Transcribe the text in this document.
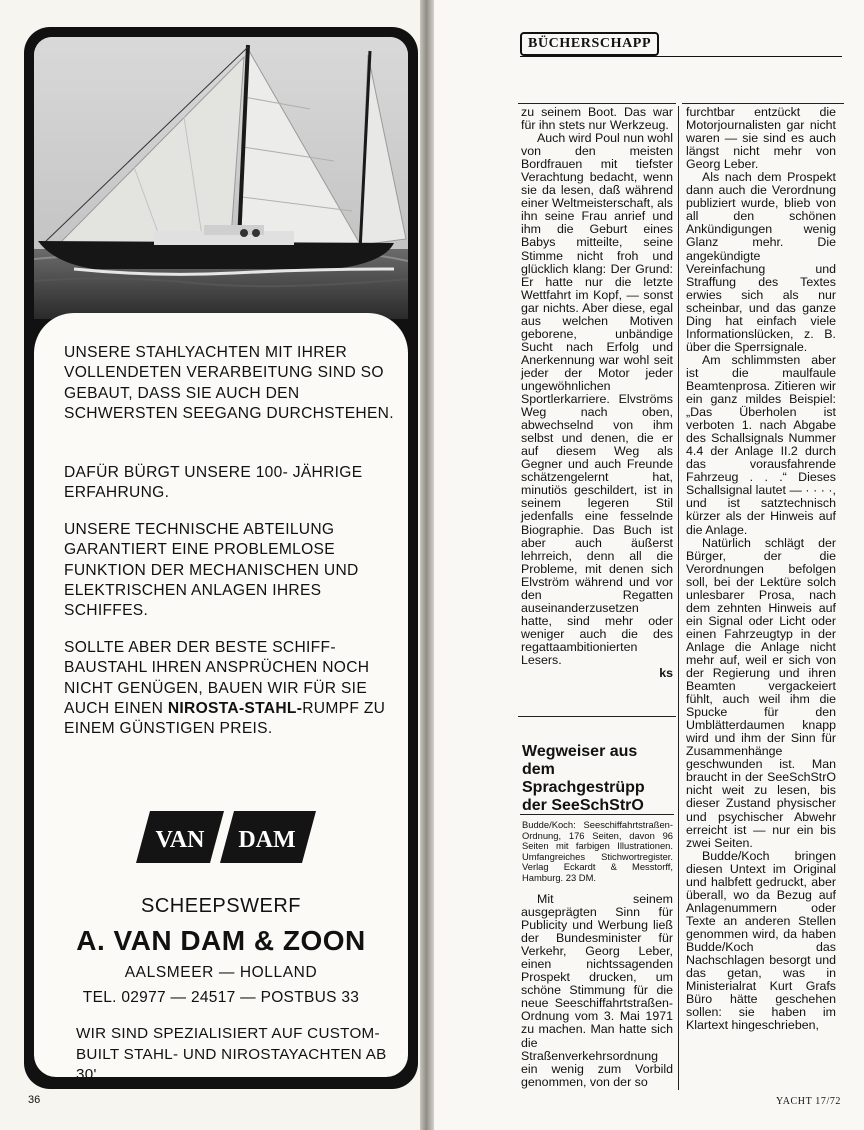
UNSERE STAHLYACHTEN MIT IHRER VOLLENDETEN VERARBEITUNG SIND SO GEBAUT, DASS SIE AUCH DEN SCHWERSTEN SEEGANG DURCHSTEHEN.

DAFÜR BÜRGT UNSERE 100- JÄHRIGE ERFAHRUNG.

UNSERE TECHNISCHE ABTEILUNG GARANTIERT EINE PROBLEMLOSE FUNKTION DER MECHANISCHEN UND ELEKTRISCHEN ANLAGEN IHRES SCHIFFES.

SOLLTE ABER DER BESTE SCHIFF-BAUSTAHL IHREN ANSPRÜCHEN NOCH NICHT GENÜGEN, BAUEN WIR FÜR SIE AUCH EINEN NIROSTA-STAHL-RUMPF ZU EINEM GÜNSTIGEN PREIS.

VAN DAM
SCHEEPSWERF
A. VAN DAM & ZOON
AALSMEER — HOLLAND
TEL. 02977 — 24517 — POSTBUS 33

WIR SIND SPEZIALISIERT AUF CUSTOM-BUILT STAHL- UND NIROSTAYACHTEN AB 30'

36
BÜCHERSCHAPP

zu seinem Boot. Das war für ihn stets nur Werkzeug.

Auch wird Poul nun wohl von den meisten Bordfrauen mit tiefster Verachtung bedacht, wenn sie da lesen, daß während einer Weltmeisterschaft, als ihn seine Frau anrief und ihm die Geburt eines Babys mitteilte, seine Stimme nicht froh und glücklich klang: Der Grund: Er hatte nur die letzte Wettfahrt im Kopf, — sonst gar nichts. Aber diese, egal aus welchen Motiven geborene, unbändige Sucht nach Erfolg und Anerkennung war wohl seit jeder der Motor jeder ungewöhnlichen Sportlerkarriere. Elvströms Weg nach oben, abwechselnd von ihm selbst und denen, die er auf diesem Weg als Gegner und auch Freunde schätzengelernt hat, minutiös geschildert, ist in seinem legeren Stil jedenfalls eine fesselnde Biographie. Das Buch ist aber auch äußerst lehrreich, denn all die Probleme, mit denen sich Elvström während und vor den Regatten auseinanderzusetzen hatte, sind mehr oder weniger auch die des regattaambitionierten Lesers.

ks
Wegweiser aus dem Sprachgestrüpp der SeeSchStrO

Budde/Koch: Seeschiffahrtstraßen-Ordnung, 176 Seiten, davon 96 Seiten mit farbigen Illustrationen. Umfangreiches Stichwortregister. Verlag Eckardt & Messtorff, Hamburg. 23 DM.

Mit seinem ausgeprägten Sinn für Publicity und Werbung ließ der Bundesminister für Verkehr, Georg Leber, einen nichtssagenden Prospekt drucken, um schöne Stimmung für die neue Seeschiffahrtstraßen-Ordnung vom 3. Mai 1971 zu machen. Man hatte sich die Straßenverkehrsordnung ein wenig zum Vorbild genommen, von der so

furchtbar entzückt die Motorjournalisten gar nicht waren — sie sind es auch längst nicht mehr von Georg Leber.

Als nach dem Prospekt dann auch die Verordnung publiziert wurde, blieb von all den schönen Ankündigungen wenig Glanz mehr. Die angekündigte Vereinfachung und Straffung des Textes erwies sich als nur scheinbar, und das ganze Ding hat einfach viele Informationslücken, z. B. über die Sperrsignale.

Am schlimmsten aber ist die maulfaule Beamtenprosa. Zitieren wir ein ganz mildes Beispiel: „Das Überholen ist verboten 1. nach Abgabe des Schallsignals Nummer 4.4 der Anlage II.2 durch das vorausfahrende Fahrzeug . . .“ Dieses Schallsignal lautet — · · · ·, und ist satztechnisch kürzer als der Hinweis auf die Anlage.

Natürlich schlägt der Bürger, der die Verordnungen befolgen soll, bei der Lektüre solch unlesbarer Prosa, nach dem zehnten Hinweis auf ein Signal oder Licht oder einen Fahrzeugtyp in der Anlage die Anlage nicht mehr auf, weil er sich von der Regierung und ihren Beamten vergackeiert fühlt, auch weil ihm die Spucke für den Umblätterdaumen knapp wird und ihm der Sinn für Zusammenhänge geschwunden ist. Man braucht in der SeeSchStrO nicht weit zu lesen, bis dieser Zustand physischer und psychischer Abwehr erreicht ist — nur ein bis zwei Seiten.

Budde/Koch bringen diesen Untext im Original und halbfett gedruckt, aber überall, wo da Bezug auf Anlagenummern oder Texte an anderen Stellen genommen wird, da haben Budde/Koch das Nachschlagen besorgt und das getan, was in Ministerialrat Kurt Grafs Büro hätte geschehen sollen: sie haben im Klartext hingeschrieben,

YACHT 17/72
